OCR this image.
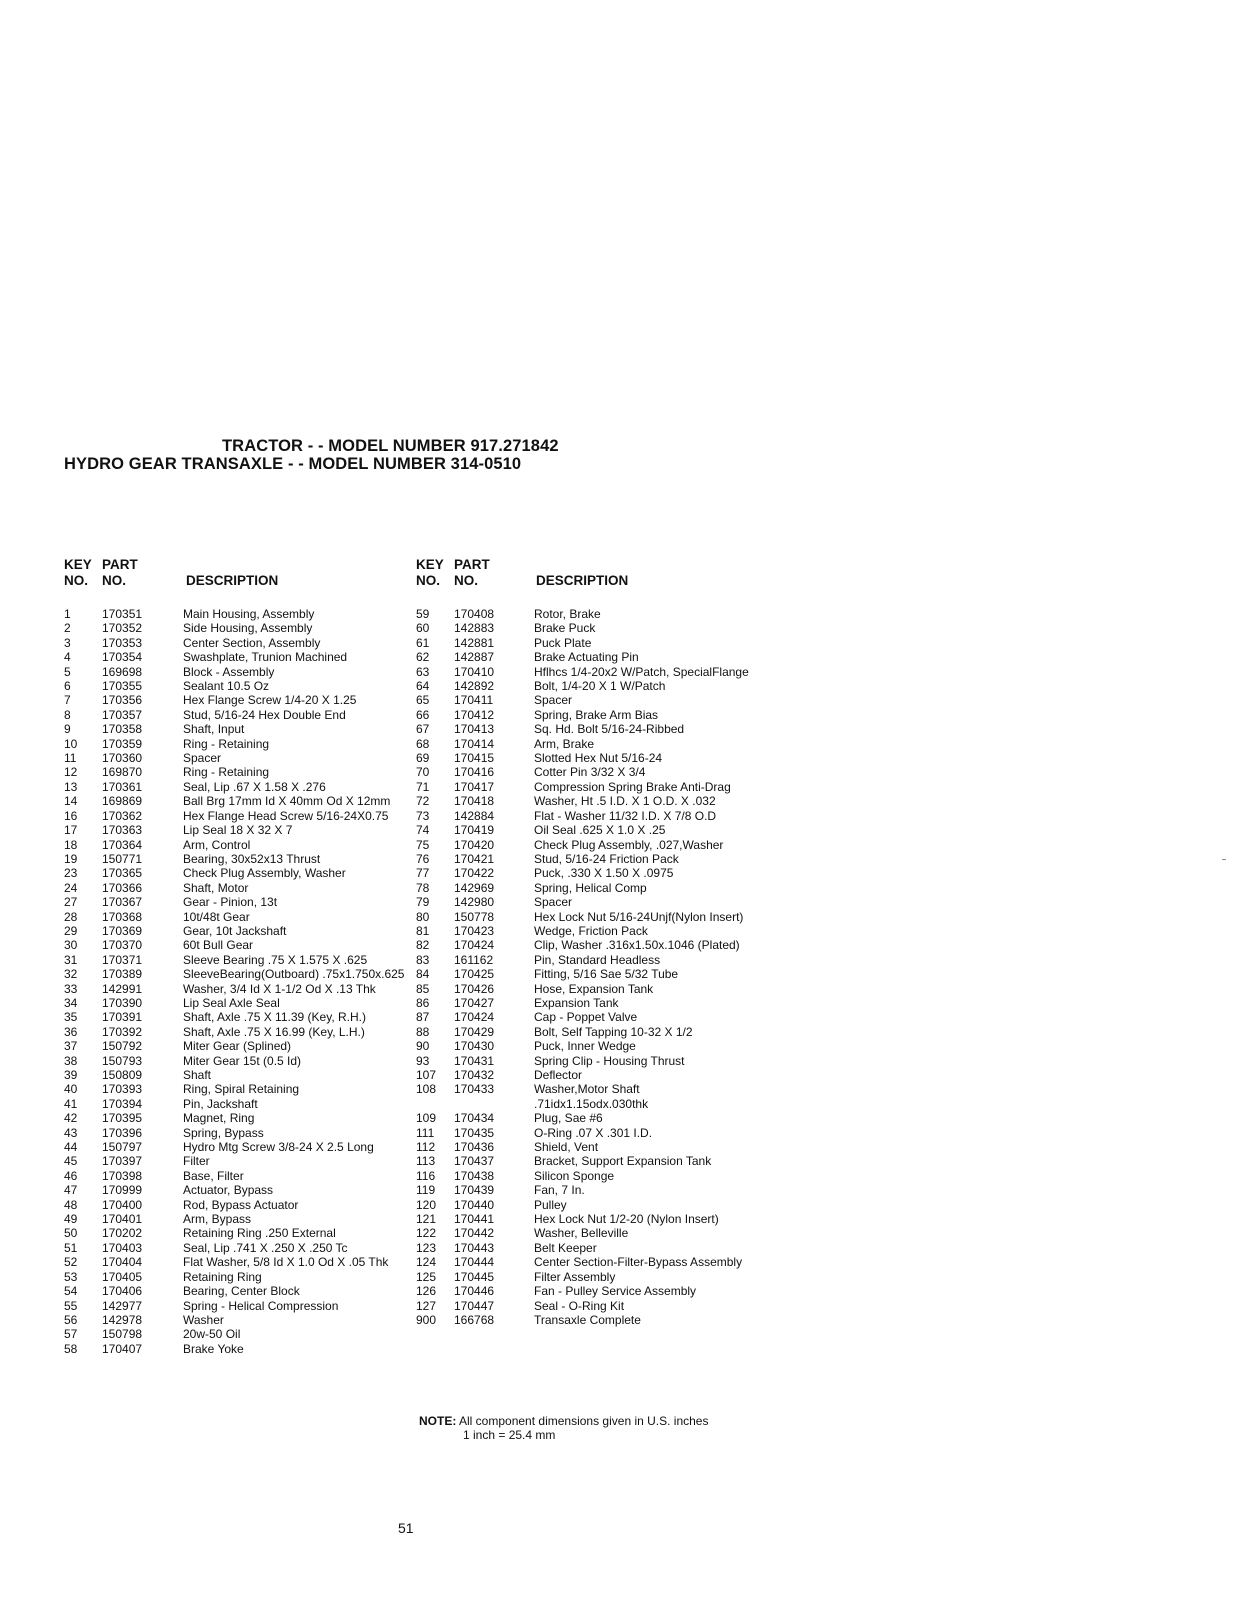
TRACTOR - - MODEL NUMBER 917.271842
HYDRO GEAR TRANSAXLE - - MODEL NUMBER 314-0510
KEY
NO.
PART
NO.	DESCRIPTION
KEY
NO.
PART
NO.	DESCRIPTION
1	170351	Main Housing, Assembly
2	170352	Side Housing, Assembly
3	170353	Center Section, Assembly
4	170354	Swashplate, Trunion Machined
5	169698	Block - Assembly
6	170355	Sealant 10.5 Oz
7	170356	Hex Flange Screw 1/4-20 X 1.25
8	170357	Stud, 5/16-24 Hex Double End
9	170358	Shaft, Input
10 170359	Ring - Retaining
11 170360	Spacer
12 169870	Ring - Retaining
13 170361	Seal, Lip .67 X 1.58 X .276
14 169869	Ball Brg 17mm Id X 40mm Od X 12mm
16 170362	Hex Flange Head Screw 5/16-24X0.75
17 170363	Lip Seal 18 X 32 X 7
18 170364	Arm, Control
19 150771	Bearing, 30x52x13 Thrust
23 170365	Check Plug Assembly, Washer
24 170366	Shaft, Motor
27 170367	Gear - Pinion, 13t
28 170368	10t/48t Gear
29 170369	Gear, 10t Jackshaft
30 170370	60t Bull Gear
31 170371	Sleeve Bearing .75 X 1.575 X .625
32 170389	SleeveBearing(Outboard) .75x1.750x.625
33 142991	Washer, 3/4 Id X 1-1/2 Od X .13 Thk
34 170390	Lip Seal Axle Seal
35 170391	Shaft, Axle .75 X 11.39 (Key, R.H.)
36 170392	Shaft, Axle .75 X 16.99 (Key, L.H.)
37 150792	Miter Gear (Splined)
38 150793	Miter Gear 15t (0.5 Id)
39 150809	Shaft
40 170393	Ring, Spiral Retaining
41 170394	Pin, Jackshaft
42 170395	Magnet, Ring
43 170396	Spring, Bypass
44 150797	Hydro Mtg Screw 3/8-24 X 2.5 Long
45 170397	Filter
46 170398	Base, Filter
47 170999	Actuator, Bypass
48 170400	Rod, Bypass Actuator
49 170401	Arm, Bypass
50 170202	Retaining Ring .250 External
51 170403	Seal, Lip .741 X .250 X .250 Tc
52 170404	Flat Washer, 5/8 Id X 1.0 Od X .05 Thk
53 170405	Retaining Ring
54 170406	Bearing, Center Block
55 142977	Spring - Helical Compression
56 142978	Washer
57 150798	20w-50 Oil
58 170407	Brake Yoke
59 170408	Rotor, Brake
60 142883	Brake Puck
61 142881	Puck Plate
62 142887	Brake Actuating Pin
63 170410	Hflhcs 1/4-20x2 W/Patch, SpecialFlange
64 142892	Bolt, 1/4-20 X 1 W/Patch
65 170411	Spacer
66 170412	Spring, Brake Arm Bias
67 170413	Sq. Hd. Bolt 5/16-24-Ribbed
68 170414	Arm, Brake
69 170415	Slotted Hex Nut 5/16-24
70 170416	Cotter Pin 3/32 X 3/4
71 170417	Compression Spring Brake Anti-Drag
72 170418	Washer, Ht .5 I.D. X 1 O.D. X .032
73 142884	Flat - Washer 11/32 I.D. X 7/8 O.D
74 170419	Oil Seal .625 X 1.0 X .25
75 170420	Check Plug Assembly, .027,Washer
76 170421	Stud, 5/16-24 Friction Pack
77 170422	Puck, .330 X 1.50 X .0975
78 142969	Spring, Helical Comp
79 142980	Spacer
80 150778	Hex Lock Nut 5/16-24Unjf(Nylon Insert)
81 170423	Wedge, Friction Pack
82 170424	Clip, Washer .316x1.50x.1046 (Plated)
83 161162	Pin, Standard Headless
84 170425	Fitting, 5/16 Sae 5/32 Tube
85 170426	Hose, Expansion Tank
86 170427	Expansion Tank
87 170424	Cap - Poppet Valve
88 170429	Bolt, Self Tapping 10-32 X 1/2
90 170430	Puck, Inner Wedge
93 170431	Spring Clip - Housing Thrust
107 170432	Deflector
108 170433	Washer,Motor Shaft .71idx1.15odx.030thk
109 170434	Plug, Sae #6
111 170435	O-Ring .07 X .301 I.D.
112 170436	Shield, Vent
113 170437	Bracket, Support Expansion Tank
116 170438	Silicon Sponge
119 170439	Fan, 7 In.
120 170440	Pulley
121 170441	Hex Lock Nut 1/2-20 (Nylon Insert)
122 170442	Washer, Belleville
123 170443	Belt Keeper
124 170444	Center Section-Filter-Bypass Assembly
125 170445	Filter Assembly
126 170446	Fan - Pulley Service Assembly
127 170447	Seal - O-Ring Kit
900 166768	Transaxle Complete
NOTE: All component dimensions given in U.S. inches
1 inch = 25.4 mm
51
